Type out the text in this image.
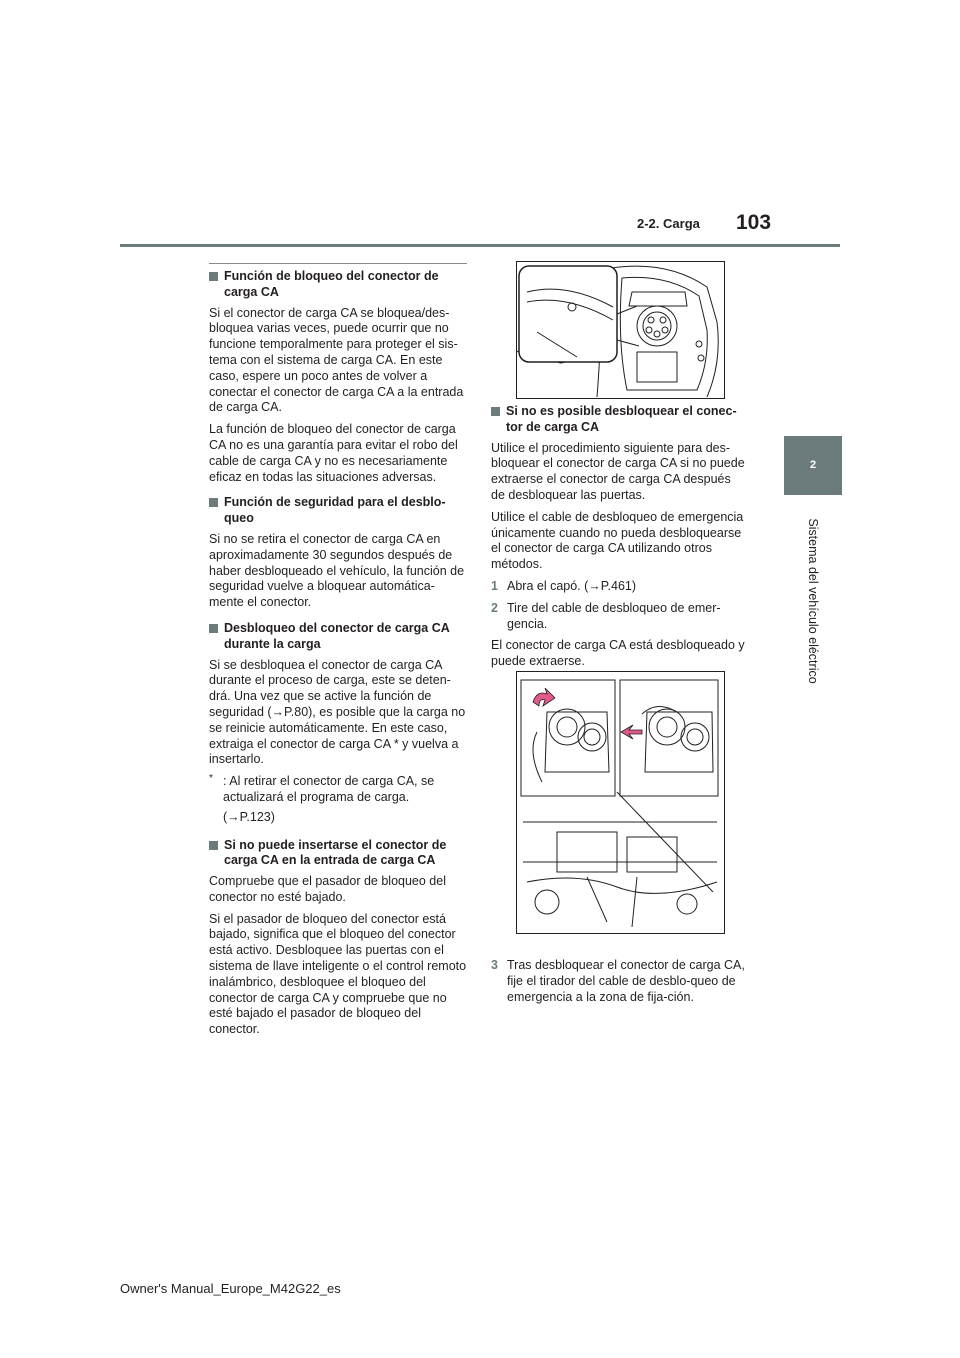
2-2. Carga 103
2
Sistema del vehículo eléctrico
Función de bloqueo del conector de carga CA

Si el conector de carga CA se bloquea/des-bloquea varias veces, puede ocurrir que no funcione temporalmente para proteger el sis-tema con el sistema de carga CA. En este caso, espere un poco antes de volver a conectar el conector de carga CA a la entrada de carga CA.

La función de bloqueo del conector de carga CA no es una garantía para evitar el robo del cable de carga CA y no es necesariamente eficaz en todas las situaciones adversas.

Función de seguridad para el desblo-queo

Si no se retira el conector de carga CA en aproximadamente 30 segundos después de haber desbloqueado el vehículo, la función de seguridad vuelve a bloquear automática-mente el conector.

Desbloqueo del conector de carga CA durante la carga

Si se desbloquea el conector de carga CA durante el proceso de carga, este se deten-drá. Una vez que se active la función de seguridad (→P.80), es posible que la carga no se reinicie automáticamente. En este caso, extraiga el conector de carga CA * y vuelva a insertarlo.

* : Al retirar el conector de carga CA, se actualizará el programa de carga.
(→P.123)
Si no puede insertarse el conector de carga CA en la entrada de carga CA

Compruebe que el pasador de bloqueo del conector no esté bajado.

Si el pasador de bloqueo del conector está bajado, significa que el bloqueo del conector está activo. Desbloquee las puertas con el sistema de llave inteligente o el control remoto inalámbrico, desbloquee el bloqueo del conector de carga CA y compruebe que no esté bajado el pasador de bloqueo del conector.

Si no es posible desbloquear el conec-tor de carga CA

Utilice el procedimiento siguiente para des-bloquear el conector de carga CA si no puede extraerse el conector de carga CA después de desbloquear las puertas.

Utilice el cable de desbloqueo de emergencia únicamente cuando no pueda desbloquearse el conector de carga CA utilizando otros métodos.

1 Abra el capó. (→P.461)
2 Tire del cable de desbloqueo de emer-gencia.

El conector de carga CA está desbloqueado y puede extraerse.

3 Tras desbloquear el conector de carga CA, fije el tirador del cable de desblo-queo de emergencia a la zona de fija-ción.
Owner's Manual_Europe_M42G22_es
